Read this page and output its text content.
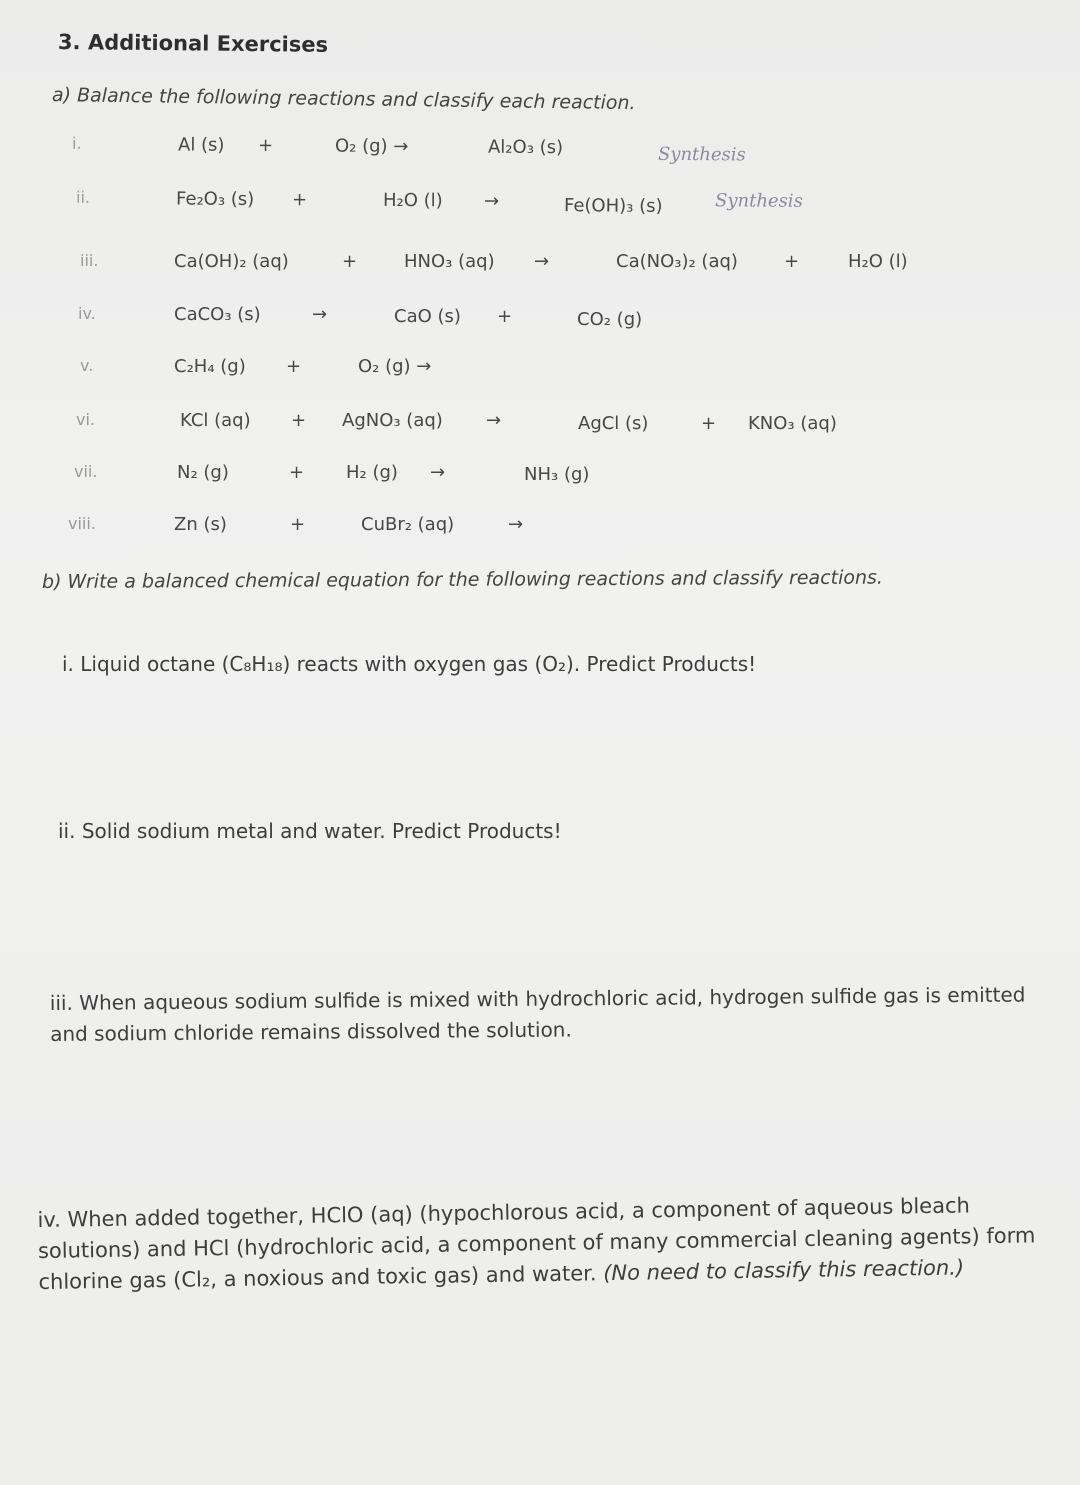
3. Additional Exercises
a) Balance the following reactions and classify each reaction.
i.	Al (s) +	O₂ (g) →	Al₂O₃ (s)	Synthesis
ii.	Fe₂O₃ (s) +	H₂O (l) →	Fe(OH)₃ (s)	Synthesis
iii.	Ca(OH)₂ (aq)	+	HNO₃ (aq) →	Ca(NO₃)₂ (aq)	+	H₂O (l)
iv.	CaCO₃ (s)	→	CaO (s) +	CO₂ (g)
v.	C₂H₄ (g) +	O₂ (g) →
vi.	KCl (aq) + AgNO₃ (aq) →	AgCl (s)	+ KNO₃ (aq)
vii.	N₂ (g)	+ H₂ (g) →	NH₃ (g)
viii.	Zn (s)	+	CuBr₂ (aq)	→
b) Write a balanced chemical equation for the following reactions and classify reactions.
i. Liquid octane (C₈H₁₈) reacts with oxygen gas (O₂). Predict Products!
ii. Solid sodium metal and water. Predict Products!
iii. When aqueous sodium sulfide is mixed with hydrochloric acid, hydrogen sulfide gas is emitted and sodium chloride remains dissolved the solution.
iv. When added together, HClO (aq) (hypochlorous acid, a component of aqueous bleach solutions) and HCl (hydrochloric acid, a component of many commercial cleaning agents) form chlorine gas (Cl₂, a noxious and toxic gas) and water. (No need to classify this reaction.)
